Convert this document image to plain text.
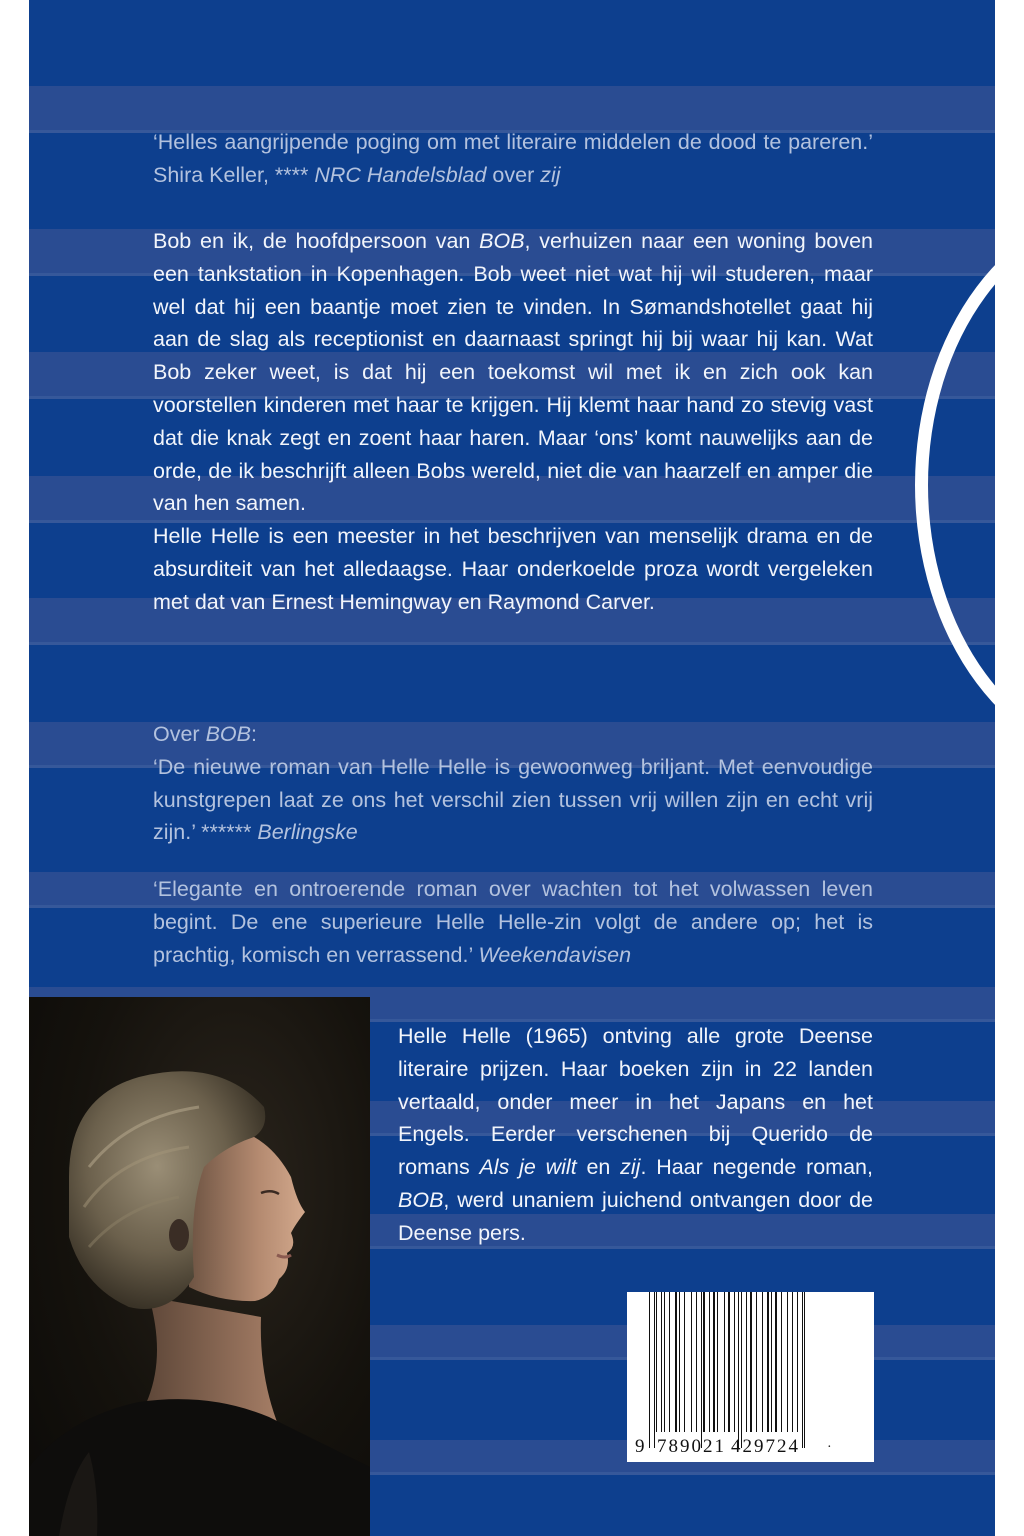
‘Helles aangrijpende poging om met literaire middelen de dood te pareren.’ Shira Keller, **** NRC Handelsblad over zij

Bob en ik, de hoofdpersoon van BOB, verhuizen naar een woning boven een tankstation in Kopenhagen. Bob weet niet wat hij wil studeren, maar wel dat hij een baantje moet zien te vinden. In Sømandshotellet gaat hij aan de slag als receptionist en daarnaast springt hij bij waar hij kan. Wat Bob zeker weet, is dat hij een toekomst wil met ik en zich ook kan voorstellen kinderen met haar te krijgen. Hij klemt haar hand zo stevig vast dat die knak zegt en zoent haar haren. Maar ‘ons’ komt nauwelijks aan de orde, de ik beschrijft alleen Bobs wereld, niet die van haarzelf en amper die van hen samen.

Helle Helle is een meester in het beschrijven van menselijk drama en de absurditeit van het alledaagse. Haar onderkoelde proza wordt vergeleken met dat van Ernest Hemingway en Raymond Carver.

Over BOB:

‘De nieuwe roman van Helle Helle is gewoonweg briljant. Met eenvoudige kunstgrepen laat ze ons het verschil zien tussen vrij willen zijn en echt vrij zijn.’ ****** Berlingske

‘Elegante en ontroerende roman over wachten tot het volwassen leven begint. De ene superieure Helle Helle-zin volgt de andere op; het is prachtig, komisch en verrassend.’ Weekendavisen

Helle Helle (1965) ontving alle grote Deense literaire prijzen. Haar boeken zijn in 22 landen vertaald, onder meer in het Japans en het Engels. Eerder verschenen bij Querido de romans Als je wilt en zij. Haar negende roman, BOB, werd unaniem juichend ontvangen door de Deense pers.

9 789021 429724 ·
